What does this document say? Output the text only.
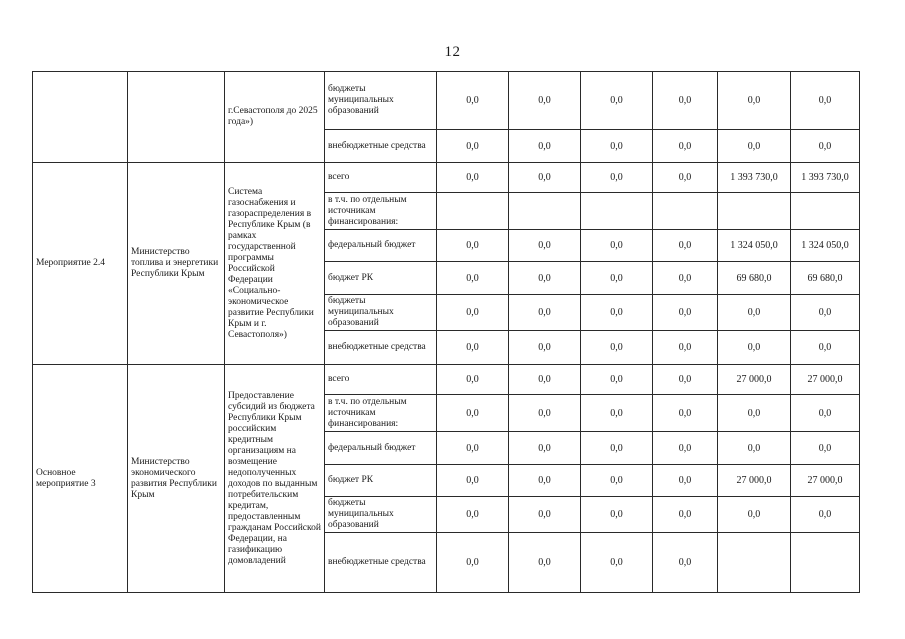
12
		г.Севастополя до 2025 года»)	бюджеты муниципальных образований	0,0	0,0	0,0	0,0	0,0	0,0
			внебюджетные средства	0,0	0,0	0,0	0,0	0,0	0,0
Мероприятие 2.4	Министерство топлива и энергетики Республики Крым	Система газоснабжения и газораспределения в Республике Крым (в рамках государственной программы Российской Федерации «Социально-экономическое развитие Республики Крым и г. Севастополя»)	всего	0,0	0,0	0,0	0,0	1 393 730,0	1 393 730,0
			в т.ч. по отдельным источникам финансирования:						
			федеральный бюджет	0,0	0,0	0,0	0,0	1 324 050,0	1 324 050,0
			бюджет РК	0,0	0,0	0,0	0,0	69 680,0	69 680,0
			бюджеты муниципальных образований	0,0	0,0	0,0	0,0	0,0	0,0
			внебюджетные средства	0,0	0,0	0,0	0,0	0,0	0,0
Основное мероприятие 3	Министерство экономического развития Республики Крым	Предоставление субсидий из бюджета Республики Крым российским кредитным организациям на возмещение недополученных доходов по выданным потребительским кредитам, предоставленным гражданам Российской Федерации, на газификацию домовладений	всего	0,0	0,0	0,0	0,0	27 000,0	27 000,0
			в т.ч. по отдельным источникам финансирования:	0,0	0,0	0,0	0,0	0,0	0,0
			федеральный бюджет	0,0	0,0	0,0	0,0	0,0	0,0
			бюджет РК	0,0	0,0	0,0	0,0	27 000,0	27 000,0
			бюджеты муниципальных образований	0,0	0,0	0,0	0,0	0,0	0,0
			внебюджетные средства	0,0	0,0	0,0	0,0		
